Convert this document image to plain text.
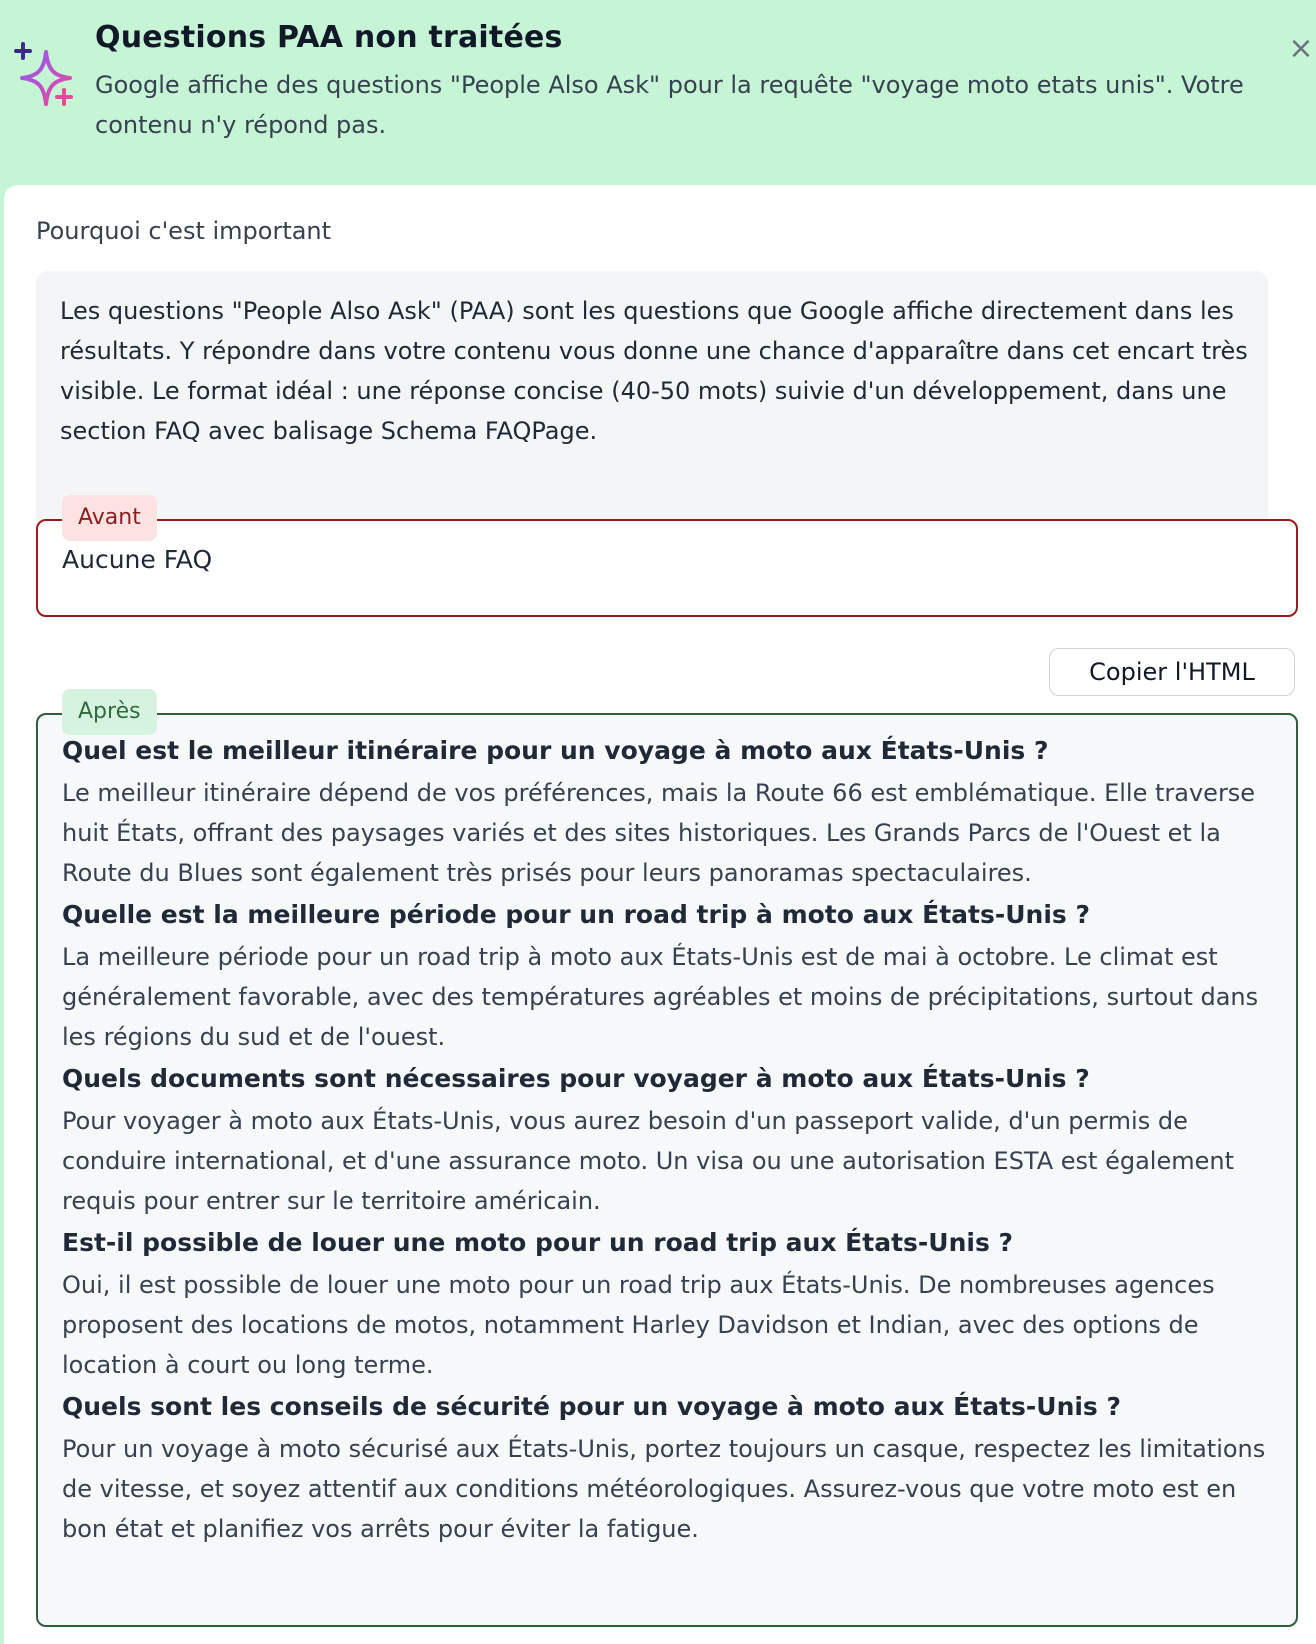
Questions PAA non traitées
Google affiche des questions "People Also Ask" pour la requête "voyage moto etats unis". Votre contenu n'y répond pas.
×
Pourquoi c'est important
Les questions "People Also Ask" (PAA) sont les questions que Google affiche directement dans les résultats. Y répondre dans votre contenu vous donne une chance d'apparaître dans cet encart très visible. Le format idéal : une réponse concise (40-50 mots) suivie d'un développement, dans une section FAQ avec balisage Schema FAQPage.
Avant
Aucune FAQ
Copier l'HTML
Après
Quel est le meilleur itinéraire pour un voyage à moto aux États-Unis ?
Le meilleur itinéraire dépend de vos préférences, mais la Route 66 est emblématique. Elle traverse huit États, offrant des paysages variés et des sites historiques. Les Grands Parcs de l'Ouest et la Route du Blues sont également très prisés pour leurs panoramas spectaculaires.
Quelle est la meilleure période pour un road trip à moto aux États-Unis ?
La meilleure période pour un road trip à moto aux États-Unis est de mai à octobre. Le climat est généralement favorable, avec des températures agréables et moins de précipitations, surtout dans les régions du sud et de l'ouest.
Quels documents sont nécessaires pour voyager à moto aux États-Unis ?
Pour voyager à moto aux États-Unis, vous aurez besoin d'un passeport valide, d'un permis de conduire international, et d'une assurance moto. Un visa ou une autorisation ESTA est également requis pour entrer sur le territoire américain.
Est-il possible de louer une moto pour un road trip aux États-Unis ?
Oui, il est possible de louer une moto pour un road trip aux États-Unis. De nombreuses agences proposent des locations de motos, notamment Harley Davidson et Indian, avec des options de location à court ou long terme.
Quels sont les conseils de sécurité pour un voyage à moto aux États-Unis ?
Pour un voyage à moto sécurisé aux États-Unis, portez toujours un casque, respectez les limitations de vitesse, et soyez attentif aux conditions météorologiques. Assurez-vous que votre moto est en bon état et planifiez vos arrêts pour éviter la fatigue.
